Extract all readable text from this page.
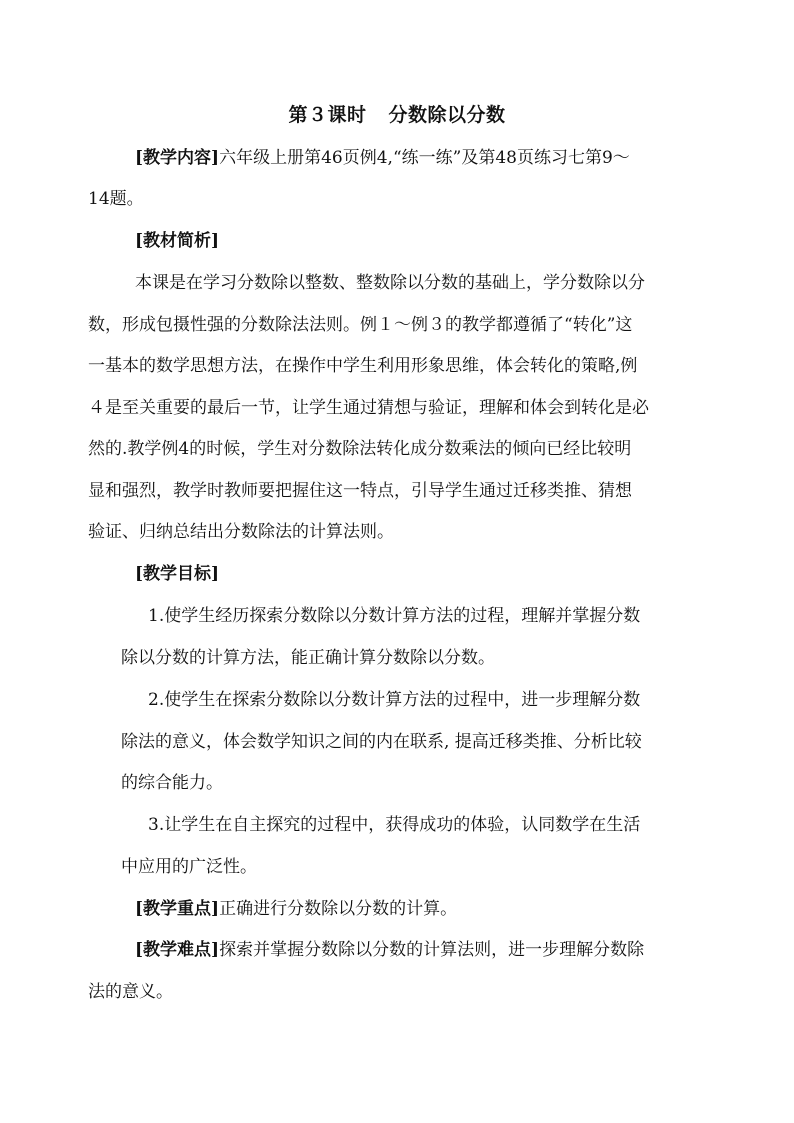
第３课时 分数除以分数
[教学内容]六年级上册第46页例4,“练一练”及第48页练习七第9～
14题。
[教材简析]
本课是在学习分数除以整数、整数除以分数的基础上，学分数除以分
数，形成包摄性强的分数除法法则。例１～例３的教学都遵循了“转化”这
一基本的数学思想方法，在操作中学生利用形象思维，体会转化的策略,例
４是至关重要的最后一节，让学生通过猜想与验证，理解和体会到转化是必
然的.教学例4的时候，学生对分数除法转化成分数乘法的倾向已经比较明
显和强烈，教学时教师要把握住这一特点，引导学生通过迁移类推、猜想
验证、归纳总结出分数除法的计算法则。
[教学目标]
1.使学生经历探索分数除以分数计算方法的过程，理解并掌握分数
除以分数的计算方法，能正确计算分数除以分数。
2.使学生在探索分数除以分数计算方法的过程中，进一步理解分数
除法的意义，体会数学知识之间的内在联系, 提高迁移类推、分析比较
的综合能力。
3.让学生在自主探究的过程中，获得成功的体验，认同数学在生活
中应用的广泛性。
[教学重点]正确进行分数除以分数的计算。
[教学难点]探索并掌握分数除以分数的计算法则，进一步理解分数除
法的意义。
